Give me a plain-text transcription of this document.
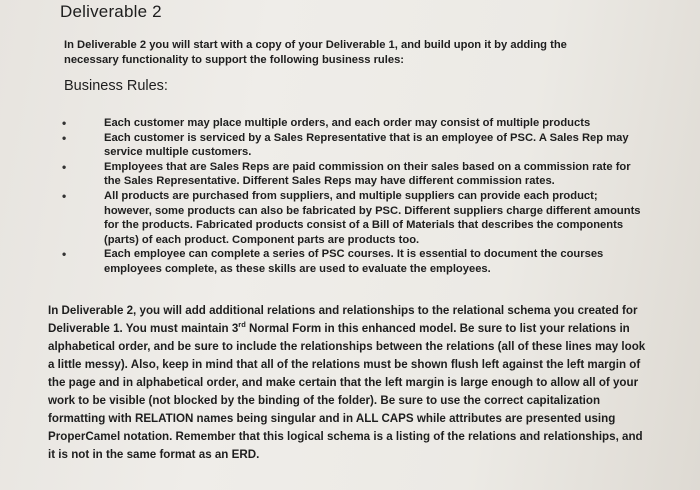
Deliverable 2
In Deliverable 2 you will start with a copy of your Deliverable 1, and build upon it by adding the necessary functionality to support the following business rules:
Business Rules:
•	Each customer may place multiple orders, and each order may consist of multiple products
•	Each customer is serviced by a Sales Representative that is an employee of PSC. A Sales Rep may service multiple customers.
•	Employees that are Sales Reps are paid commission on their sales based on a commission rate for the Sales Representative. Different Sales Reps may have different commission rates.
•	All products are purchased from suppliers, and multiple suppliers can provide each product; however, some products can also be fabricated by PSC. Different suppliers charge different amounts for the products. Fabricated products consist of a Bill of Materials that describes the components (parts) of each product. Component parts are products too.
•	Each employee can complete a series of PSC courses. It is essential to document the courses employees complete, as these skills are used to evaluate the employees.
In Deliverable 2, you will add additional relations and relationships to the relational schema you created for Deliverable 1. You must maintain 3rd Normal Form in this enhanced model. Be sure to list your relations in alphabetical order, and be sure to include the relationships between the relations (all of these lines may look a little messy). Also, keep in mind that all of the relations must be shown flush left against the left margin of the page and in alphabetical order, and make certain that the left margin is large enough to allow all of your work to be visible (not blocked by the binding of the folder). Be sure to use the correct capitalization formatting with RELATION names being singular and in ALL CAPS while attributes are presented using ProperCamel notation. Remember that this logical schema is a listing of the relations and relationships, and it is not in the same format as an ERD.
